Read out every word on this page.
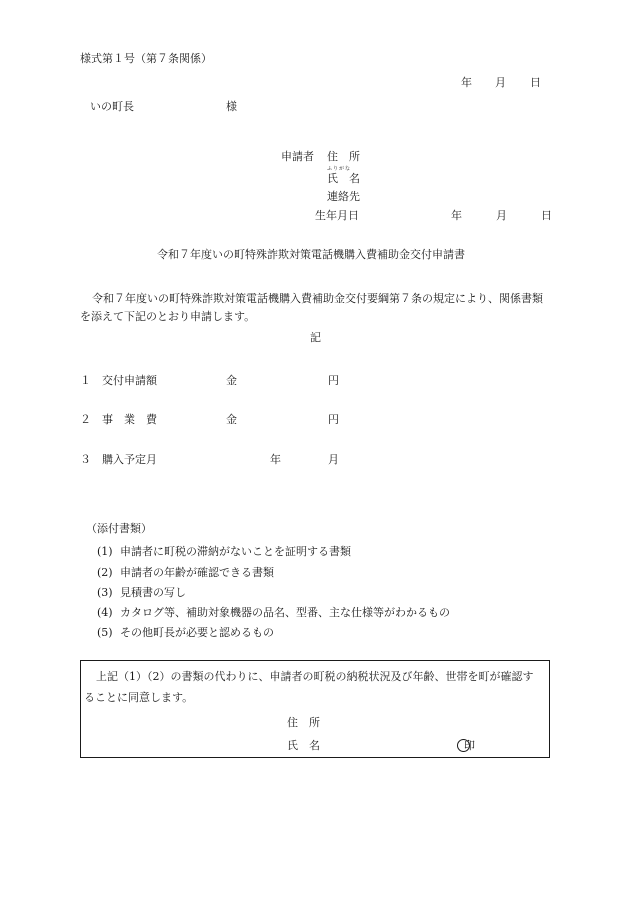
様式第１号（第７条関係）
年 月 日
いの町長	様
申請者 住　所
ふりがな
氏　名
連絡先
生年月日	年	月	日
令和７年度いの町特殊詐欺対策電話機購入費補助金交付申請書
令和７年度いの町特殊詐欺対策電話機購入費補助金交付要綱第７条の規定により、関係書類
を添えて下記のとおり申請します。
記
１ 交付申請額	金	円
２ 事　業　費	金	円
３ 購入予定月	年	月
（添付書類）
(1) 申請者に町税の滞納がないことを証明する書類
(2) 申請者の年齢が確認できる書類
(3) 見積書の写し
(4) カタログ等、補助対象機器の品名、型番、主な仕様等がわかるもの
(5) その他町長が必要と認めるもの
上記（1）（2）の書類の代わりに、申請者の町税の納税状況及び年齢、世帯を町が確認す
ることに同意します。
住　所
氏　名	印
